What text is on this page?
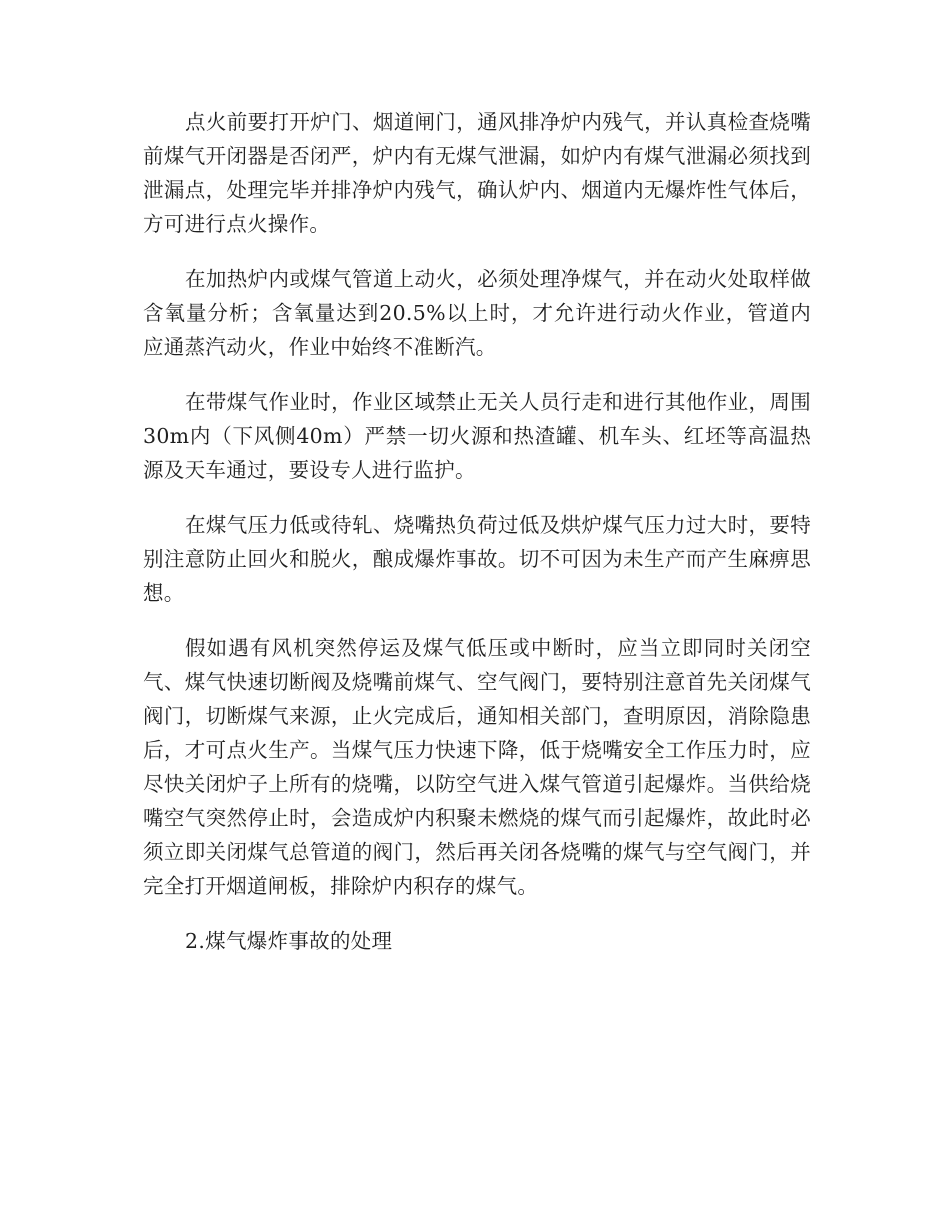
点火前要打开炉门、烟道闸门，通风排净炉内残气，并认真检查烧嘴前煤气开闭器是否闭严，炉内有无煤气泄漏，如炉内有煤气泄漏必须找到泄漏点，处理完毕并排净炉内残气，确认炉内、烟道内无爆炸性气体后，方可进行点火操作。

在加热炉内或煤气管道上动火，必须处理净煤气，并在动火处取样做含氧量分析；含氧量达到20.5%以上时，才允许进行动火作业，管道内应通蒸汽动火，作业中始终不准断汽。

在带煤气作业时，作业区域禁止无关人员行走和进行其他作业，周围30m内（下风侧40m）严禁一切火源和热渣罐、机车头、红坯等高温热源及天车通过，要设专人进行监护。

在煤气压力低或待轧、烧嘴热负荷过低及烘炉煤气压力过大时，要特别注意防止回火和脱火，酿成爆炸事故。切不可因为未生产而产生麻痹思想。

假如遇有风机突然停运及煤气低压或中断时，应当立即同时关闭空气、煤气快速切断阀及烧嘴前煤气、空气阀门，要特别注意首先关闭煤气阀门，切断煤气来源，止火完成后，通知相关部门，查明原因，消除隐患后，才可点火生产。当煤气压力快速下降，低于烧嘴安全工作压力时，应尽快关闭炉子上所有的烧嘴，以防空气进入煤气管道引起爆炸。当供给烧嘴空气突然停止时，会造成炉内积聚未燃烧的煤气而引起爆炸，故此时必须立即关闭煤气总管道的阀门，然后再关闭各烧嘴的煤气与空气阀门，并完全打开烟道闸板，排除炉内积存的煤气。

2.煤气爆炸事故的处理
